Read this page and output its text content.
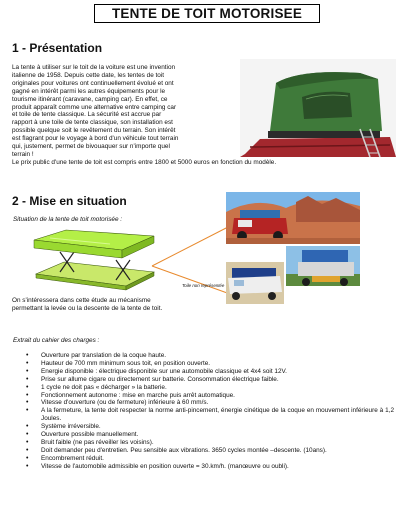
TENTE DE TOIT MOTORISEE
1 - Présentation
La tente à utiliser sur le toit de la voiture est une invention
italienne de 1958. Depuis cette date, les tentes de toit
originales pour voitures ont continuellement évolué et ont
gagné en intérêt parmi les autres équipements pour le
tourisme itinérant (caravane, camping car). En effet, ce
produit apparaît comme une alternative entre camping car
et toile de tente classique. La sécurité est accrue par
rapport à une toile de tente classique, son installation est
possible quelque soit le revêtement du terrain. Son intérêt
est flagrant pour le voyage à bord d'un véhicule tout terrain
qui, justement, permet de bivouaquer sur n'importe quel
terrain !
Le prix public d'une tente de toit est compris entre 1800 et 5000 euros en fonction du modèle.
2 - Mise en situation
Situation de la tente de toit motorisée :
Toile non représentée
On s'intéressera dans cette étude au mécanisme
permettant la levée ou la descente de la tente de toit.
Extrait du cahier des charges :
• Ouverture par translation de la coque haute.
• Hauteur de 700 mm minimum sous toit, en position ouverte.
• Energie disponible : électrique disponible sur une automobile classique et 4x4 soit 12V.
• Prise sur allume cigare ou directement sur batterie. Consommation électrique faible.
• 1 cycle ne doit pas « décharger » la batterie.
• Fonctionnement autonome : mise en marche puis arrêt automatique.
• Vitesse d'ouverture (ou de fermeture) inférieure à 60 mm/s.
• A la fermeture, la tente doit respecter la norme anti-pincement, énergie cinétique de la coque en mouvement inférieure à 1,2 Joules.
• Système irréversible.
• Ouverture possible manuellement.
• Bruit faible (ne pas réveiller les voisins).
• Doit demander peu d'entretien. Peu sensible aux vibrations. 3650 cycles montée –descente. (10ans).
• Encombrement réduit.
• Vitesse de l'automobile admissible en position ouverte = 30.km/h. (manœuvre ou oubli).
